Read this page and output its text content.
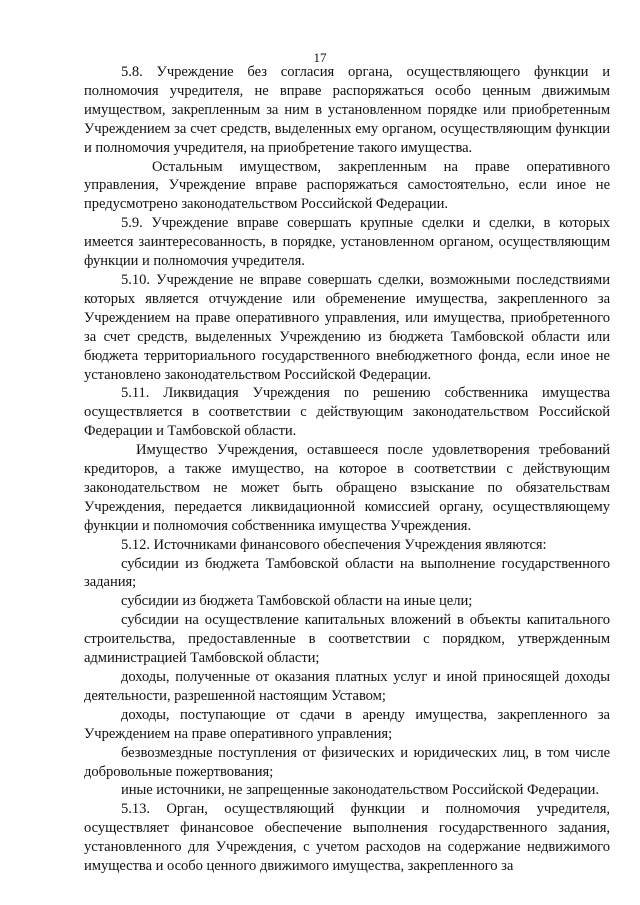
17

5.8. Учреждение без согласия органа, осуществляющего функции и полномочия учредителя, не вправе распоряжаться особо ценным движимым имуществом, закрепленным за ним в установленном порядке или приобретенным Учреждением за счет средств, выделенных ему органом, осуществляющим функции и полномочия учредителя, на приобретение такого имущества.

Остальным имуществом, закрепленным на праве оперативного управления, Учреждение вправе распоряжаться самостоятельно, если иное не предусмотрено законодательством Российской Федерации.

5.9. Учреждение вправе совершать крупные сделки и сделки, в которых имеется заинтересованность, в порядке, установленном органом, осуществляющим функции и полномочия учредителя.

5.10. Учреждение не вправе совершать сделки, возможными последствиями которых является отчуждение или обременение имущества, закрепленного за Учреждением на праве оперативного управления, или имущества, приобретенного за счет средств, выделенных Учреждению из бюджета Тамбовской области или бюджета территориального государственного внебюджетного фонда, если иное не установлено законодательством Российской Федерации.

5.11. Ликвидация Учреждения по решению собственника имущества осуществляется в соответствии с действующим законодательством Российской Федерации и Тамбовской области.

Имущество Учреждения, оставшееся после удовлетворения требований кредиторов, а также имущество, на которое в соответствии с действующим законодательством не может быть обращено взыскание по обязательствам Учреждения, передается ликвидационной комиссией органу, осуществляющему функции и полномочия собственника имущества Учреждения.

5.12. Источниками финансового обеспечения Учреждения являются:

субсидии из бюджета Тамбовской области на выполнение государственного задания;

субсидии из бюджета Тамбовской области на иные цели;

субсидии на осуществление капитальных вложений в объекты капитального строительства, предоставленные в соответствии с порядком, утвержденным администрацией Тамбовской области;

доходы, полученные от оказания платных услуг и иной приносящей доходы деятельности, разрешенной настоящим Уставом;

доходы, поступающие от сдачи в аренду имущества, закрепленного за Учреждением на праве оперативного управления;

безвозмездные поступления от физических и юридических лиц, в том числе добровольные пожертвования;

иные источники, не запрещенные законодательством Российской Федерации.

5.13. Орган, осуществляющий функции и полномочия учредителя, осуществляет финансовое обеспечение выполнения государственного задания, установленного для Учреждения, с учетом расходов на содержание недвижимого имущества и особо ценного движимого имущества, закрепленного за
